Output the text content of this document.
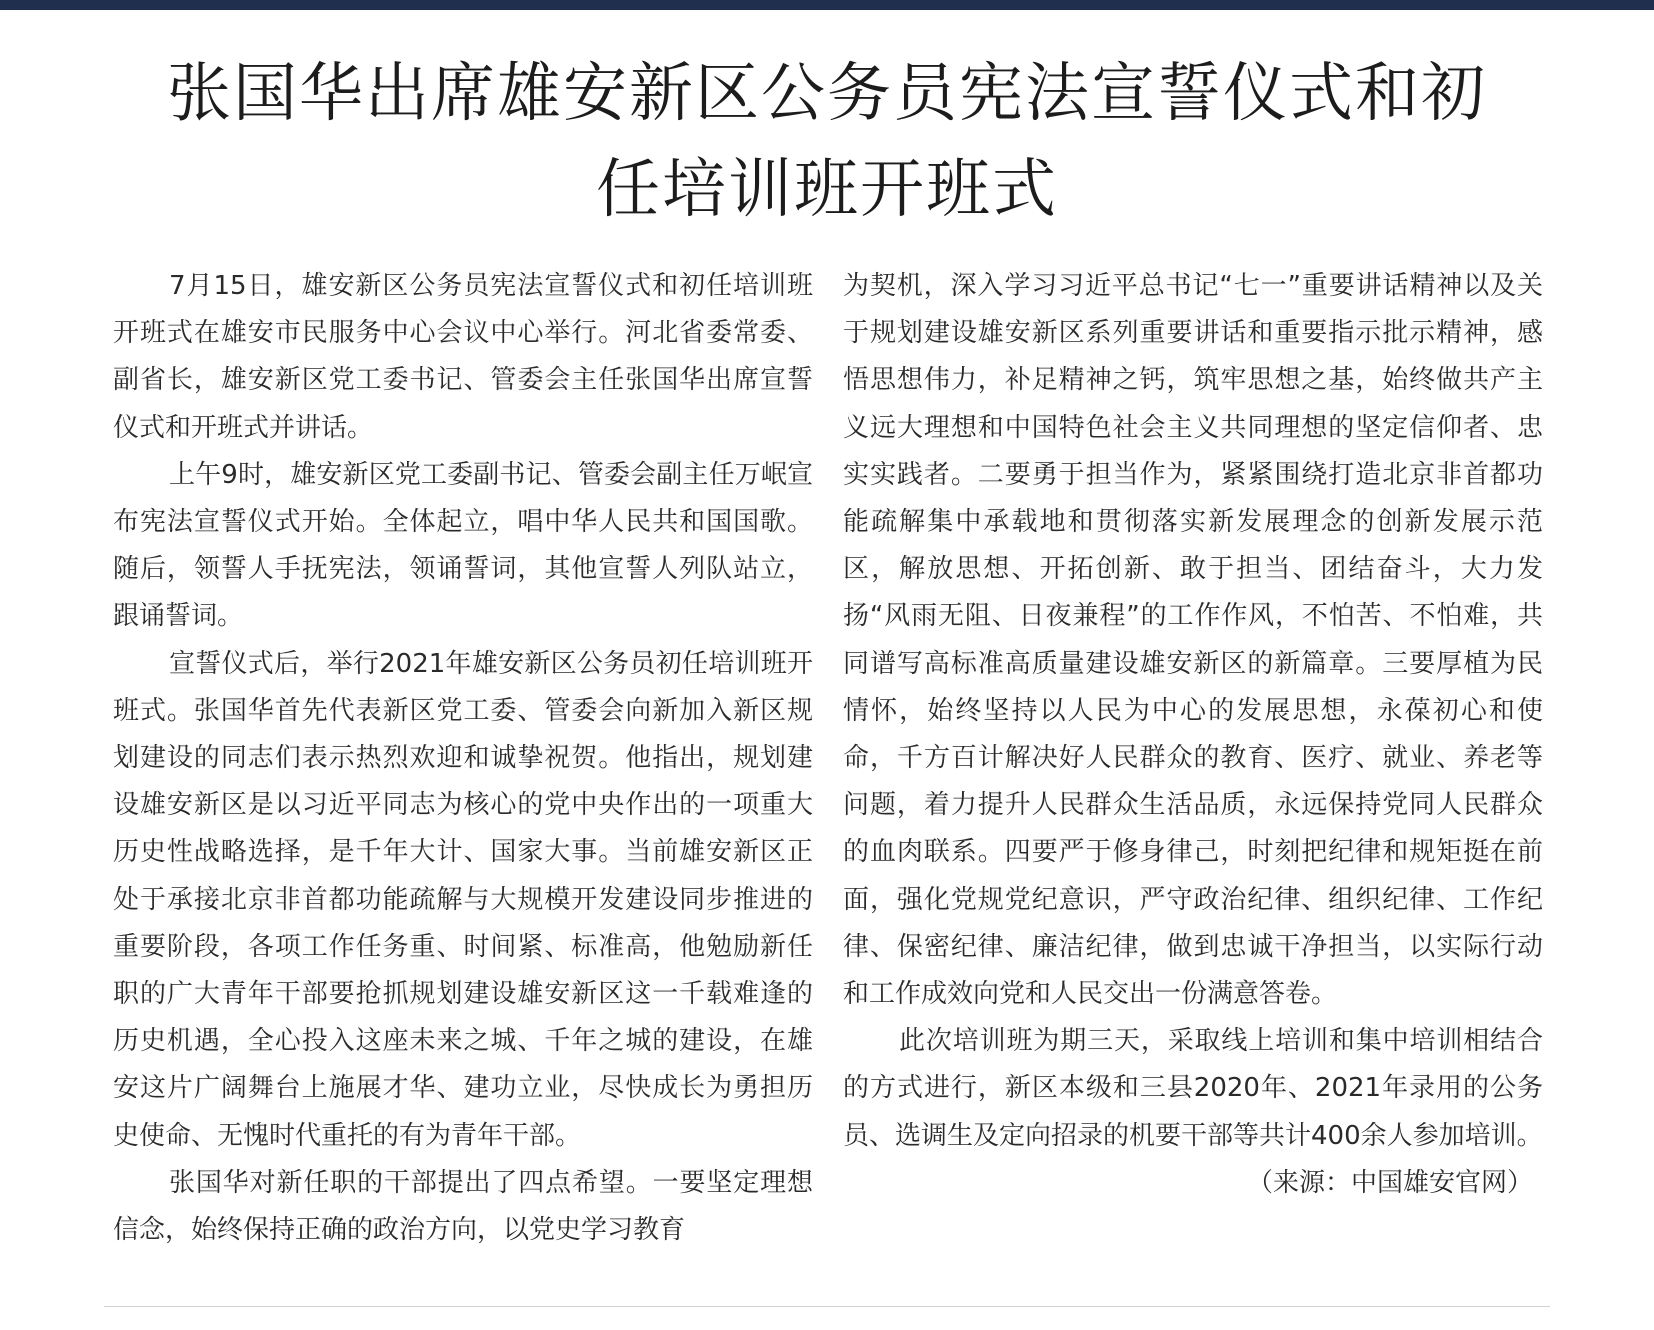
张国华出席雄安新区公务员宪法宣誓仪式和初
任培训班开班式

7月15日，雄安新区公务员宪法宣誓仪式和初任培训班开班式在雄安市民服务中心会议中心举行。河北省委常委、副省长，雄安新区党工委书记、管委会主任张国华出席宣誓仪式和开班式并讲话。

上午9时，雄安新区党工委副书记、管委会副主任万岷宣布宪法宣誓仪式开始。全体起立，唱中华人民共和国国歌。随后，领誓人手抚宪法，领诵誓词，其他宣誓人列队站立，跟诵誓词。

宣誓仪式后，举行2021年雄安新区公务员初任培训班开班式。张国华首先代表新区党工委、管委会向新加入新区规划建设的同志们表示热烈欢迎和诚挚祝贺。他指出，规划建设雄安新区是以习近平同志为核心的党中央作出的一项重大历史性战略选择，是千年大计、国家大事。当前雄安新区正处于承接北京非首都功能疏解与大规模开发建设同步推进的重要阶段，各项工作任务重、时间紧、标准高，他勉励新任职的广大青年干部要抢抓规划建设雄安新区这一千载难逢的历史机遇，全心投入这座未来之城、千年之城的建设，在雄安这片广阔舞台上施展才华、建功立业，尽快成长为勇担历史使命、无愧时代重托的有为青年干部。

张国华对新任职的干部提出了四点希望。一要坚定理想信念，始终保持正确的政治方向，以党史学习教育

为契机，深入学习习近平总书记“七一”重要讲话精神以及关于规划建设雄安新区系列重要讲话和重要指示批示精神，感悟思想伟力，补足精神之钙，筑牢思想之基，始终做共产主义远大理想和中国特色社会主义共同理想的坚定信仰者、忠实实践者。二要勇于担当作为，紧紧围绕打造北京非首都功能疏解集中承载地和贯彻落实新发展理念的创新发展示范区，解放思想、开拓创新、敢于担当、团结奋斗，大力发扬“风雨无阻、日夜兼程”的工作作风，不怕苦、不怕难，共同谱写高标准高质量建设雄安新区的新篇章。三要厚植为民情怀，始终坚持以人民为中心的发展思想，永葆初心和使命，千方百计解决好人民群众的教育、医疗、就业、养老等问题，着力提升人民群众生活品质，永远保持党同人民群众的血肉联系。四要严于修身律己，时刻把纪律和规矩挺在前面，强化党规党纪意识，严守政治纪律、组织纪律、工作纪律、保密纪律、廉洁纪律，做到忠诚干净担当，以实际行动和工作成效向党和人民交出一份满意答卷。

此次培训班为期三天，采取线上培训和集中培训相结合的方式进行，新区本级和三县2020年、2021年录用的公务员、选调生及定向招录的机要干部等共计400余人参加培训。

（来源：中国雄安官网）
